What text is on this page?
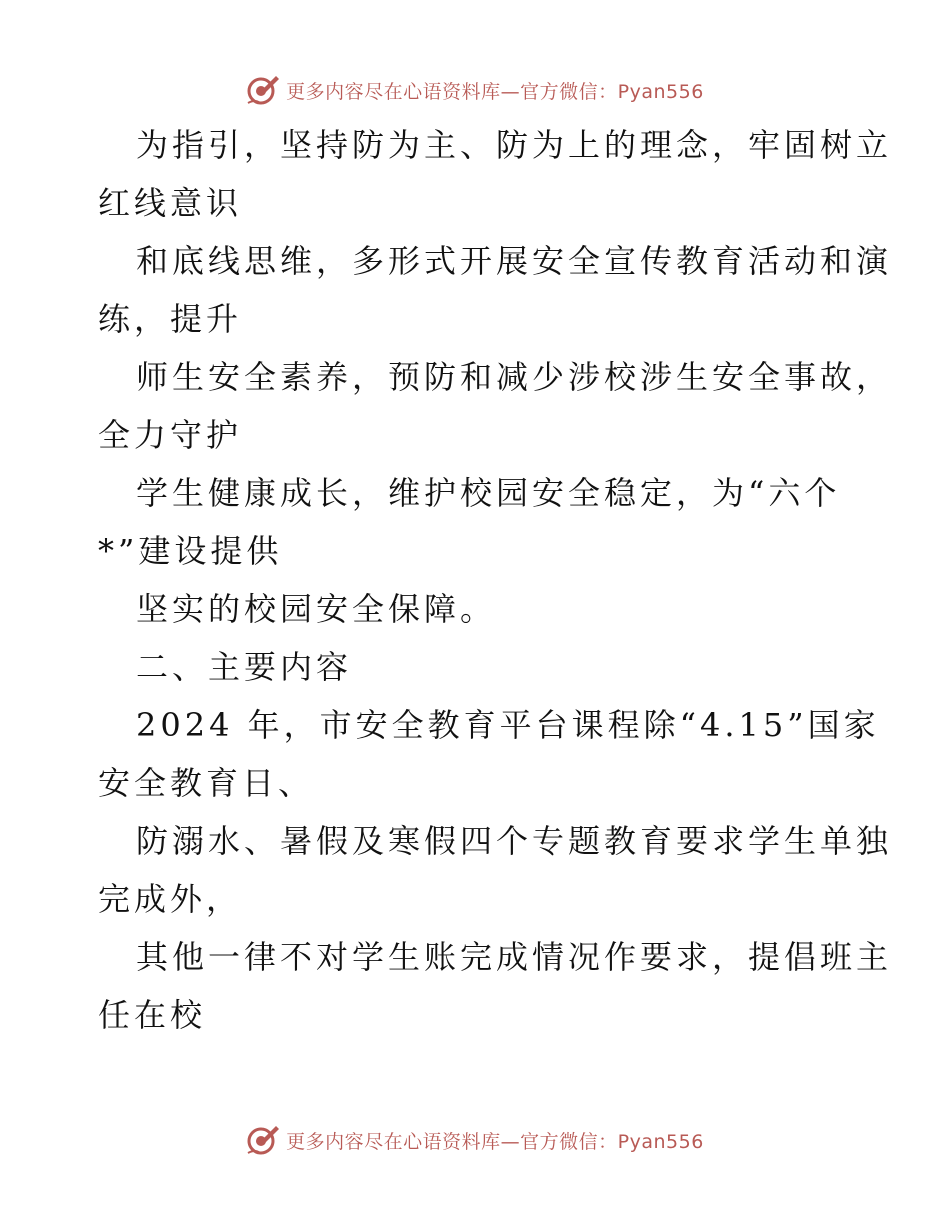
更多内容尽在心语资料库—官方微信：Pyan556
为指引，坚持防为主、防为上的理念，牢固树立
红线意识
和底线思维，多形式开展安全宣传教育活动和演
练，提升
师生安全素养，预防和减少涉校涉生安全事故，
全力守护
学生健康成长，维护校园安全稳定，为“六个
*”建设提供
坚实的校园安全保障。
二、主要内容
2024 年，市安全教育平台课程除“4.15”国家
安全教育日、
防溺水、暑假及寒假四个专题教育要求学生单独
完成外，
其他一律不对学生账完成情况作要求，提倡班主
任在校
更多内容尽在心语资料库—官方微信：Pyan556
